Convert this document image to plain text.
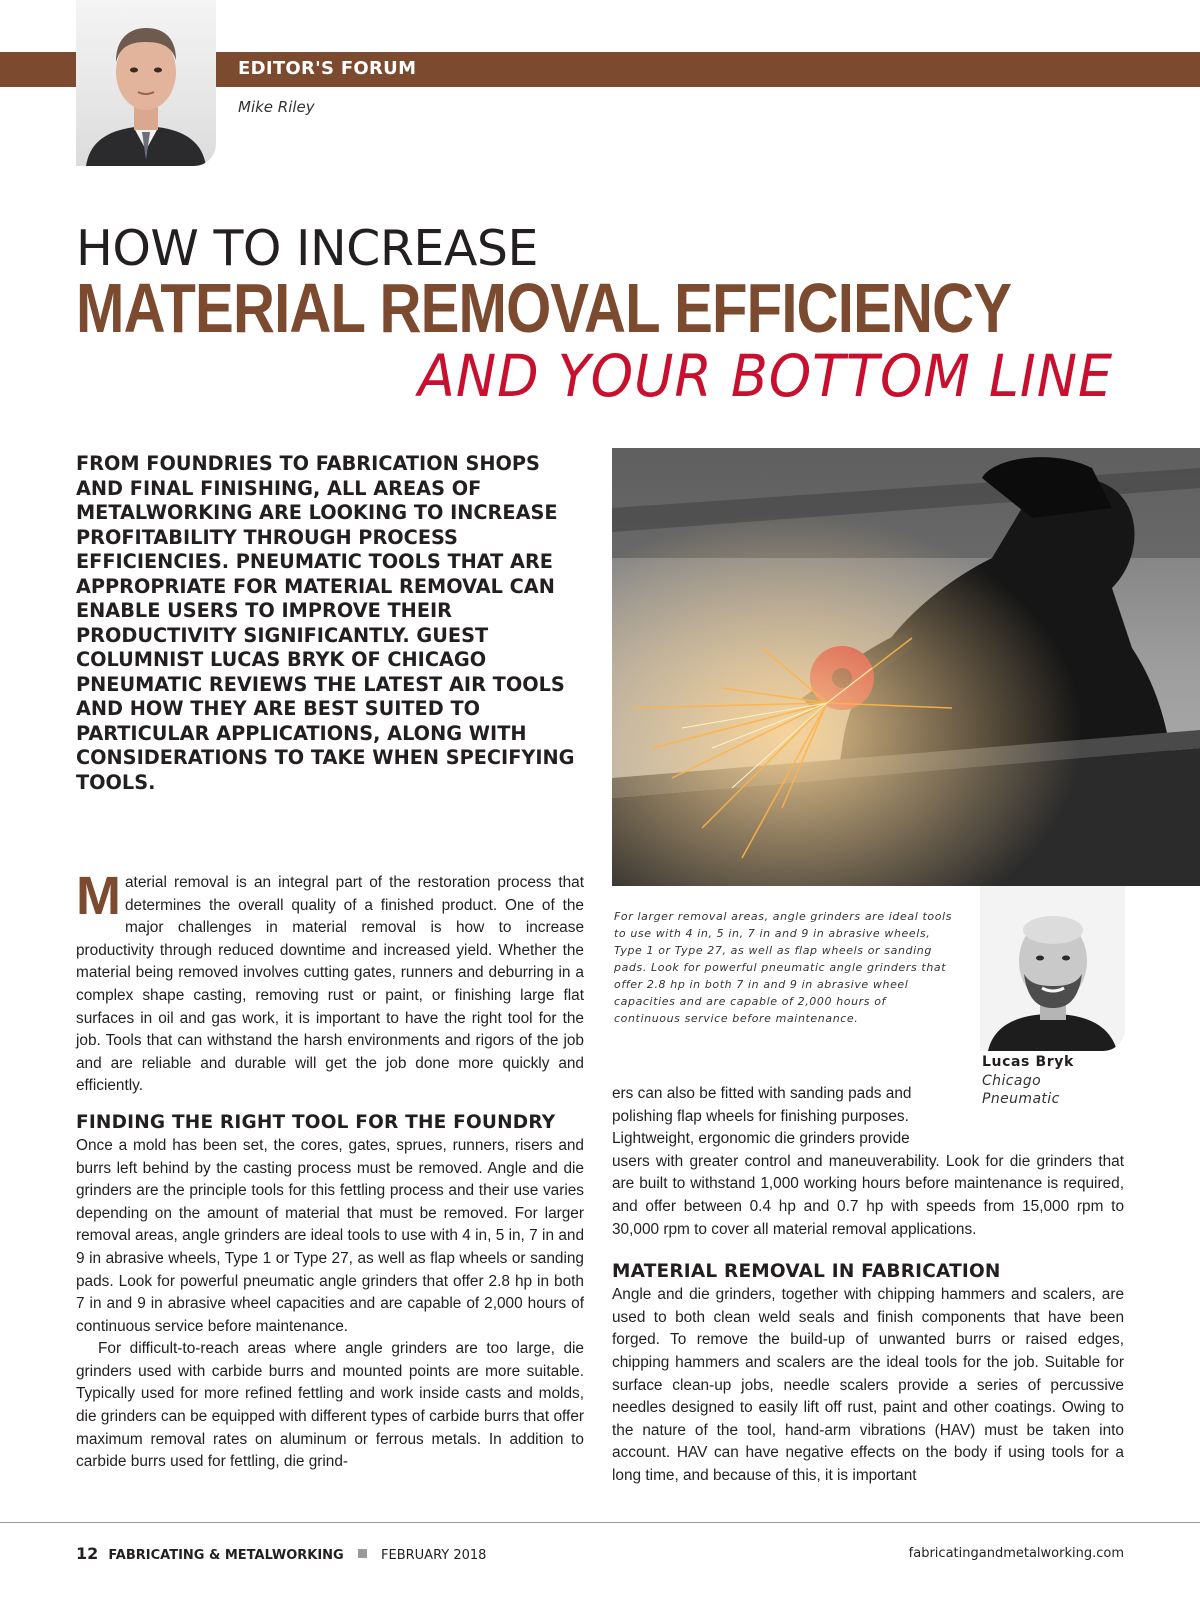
EDITOR'S FORUM
Mike Riley
HOW TO INCREASE
MATERIAL REMOVAL EFFICIENCY
AND YOUR BOTTOM LINE
FROM FOUNDRIES TO FABRICATION SHOPS AND FINAL FINISHING, ALL AREAS OF METALWORKING ARE LOOKING TO INCREASE PROFITABILITY THROUGH PROCESS EFFICIENCIES. PNEUMATIC TOOLS THAT ARE APPROPRIATE FOR MATERIAL REMOVAL CAN ENABLE USERS TO IMPROVE THEIR PRODUCTIVITY SIGNIFICANTLY. GUEST COLUMNIST LUCAS BRYK OF CHICAGO PNEUMATIC REVIEWS THE LATEST AIR TOOLS AND HOW THEY ARE BEST SUITED TO PARTICULAR APPLICATIONS, ALONG WITH CONSIDERATIONS TO TAKE WHEN SPECIFYING TOOLS.
For larger removal areas, angle grinders are ideal tools to use with 4 in, 5 in, 7 in and 9 in abrasive wheels, Type 1 or Type 27, as well as flap wheels or sanding pads. Look for powerful pneumatic angle grinders that offer 2.8 hp in both 7 in and 9 in abrasive wheel capacities and are capable of 2,000 hours of continuous service before maintenance.
Lucas Bryk
Chicago Pneumatic

Material removal is an integral part of the restoration process that determines the overall quality of a finished product. One of the major challenges in material removal is how to increase productivity through reduced downtime and increased yield. Whether the material being removed involves cutting gates, runners and deburring in a complex shape casting, removing rust or paint, or finishing large flat surfaces in oil and gas work, it is important to have the right tool for the job. Tools that can withstand the harsh environments and rigors of the job and are reliable and durable will get the job done more quickly and efficiently.

FINDING THE RIGHT TOOL FOR THE FOUNDRY

Once a mold has been set, the cores, gates, sprues, runners, risers and burrs left behind by the casting process must be removed. Angle and die grinders are the principle tools for this fettling process and their use varies depending on the amount of material that must be removed. For larger removal areas, angle grinders are ideal tools to use with 4 in, 5 in, 7 in and 9 in abrasive wheels, Type 1 or Type 27, as well as flap wheels or sanding pads. Look for powerful pneumatic angle grinders that offer 2.8 hp in both 7 in and 9 in abrasive wheel capacities and are capable of 2,000 hours of continuous service before maintenance.

For difficult-to-reach areas where angle grinders are too large, die grinders used with carbide burrs and mounted points are more suitable. Typically used for more refined fettling and work inside casts and molds, die grinders can be equipped with different types of carbide burrs that offer maximum removal rates on aluminum or ferrous metals. In addition to carbide burrs used for fettling, die grind-

ers can also be fitted with sanding pads and polishing flap wheels for finishing purposes. Lightweight, ergonomic die grinders provide

users with greater control and maneuverability. Look for die grinders that are built to withstand 1,000 working hours before maintenance is required, and offer between 0.4 hp and 0.7 hp with speeds from 15,000 rpm to 30,000 rpm to cover all material removal applications.

MATERIAL REMOVAL IN FABRICATION

Angle and die grinders, together with chipping hammers and scalers, are used to both clean weld seals and finish components that have been forged. To remove the build-up of unwanted burrs or raised edges, chipping hammers and scalers are the ideal tools for the job. Suitable for surface clean-up jobs, needle scalers provide a series of percussive needles designed to easily lift off rust, paint and other coatings. Owing to the nature of the tool, hand-arm vibrations (HAV) must be taken into account. HAV can have negative effects on the body if using tools for a long time, and because of this, it is important

12 FABRICATING & METALWORKING	FEBRUARY 2018	fabricatingandmetalworking.com
